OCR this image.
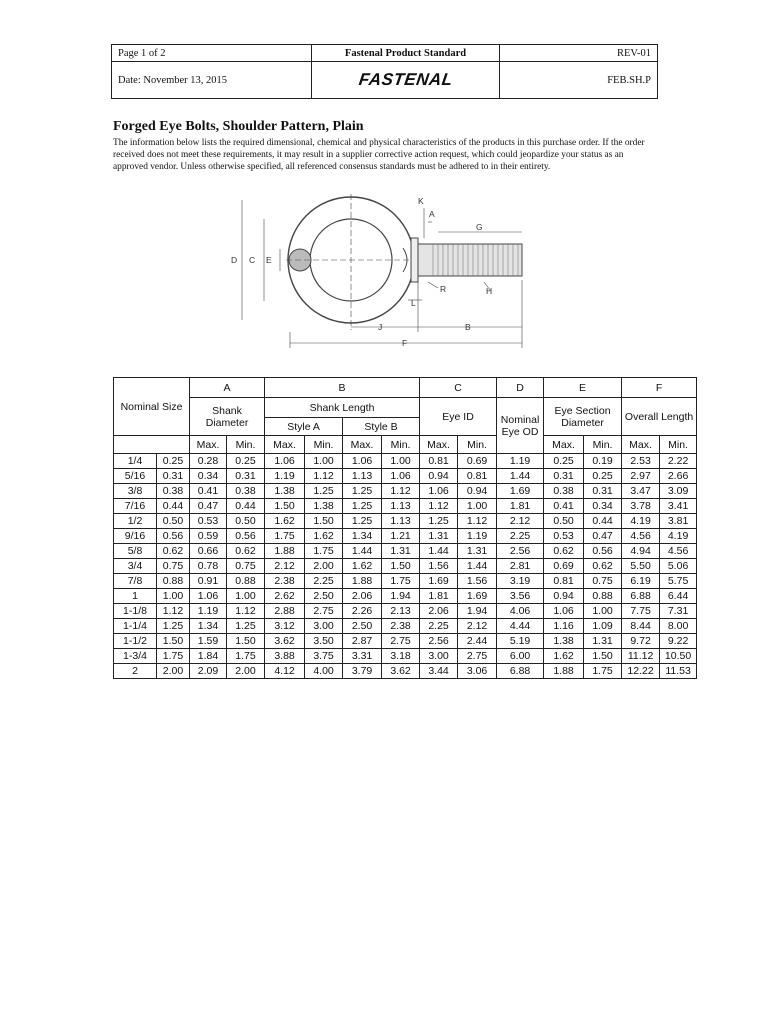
Page 1 of 2	Fastenal Product Standard	REV-01
Date: November 13, 2015	FASTENAL	FEB.SH.P
Forged Eye Bolts, Shoulder Pattern, Plain

The information below lists the required dimensional, chemical and physical characteristics of the products in this purchase order. If the order received does not meet these requirements, it may result in a supplier corrective action request, which could jeopardize your status as an approved vendor. Unless otherwise specified, all referenced consensus standards must be adhered to in their entirety.

K
A
G
D C E
R	H
L
J	B
F
Nominal Size		A		B				C		D	E		F	
		Shank Diameter		Shank Length				Eye ID		Nominal Eye OD	Eye Section Diameter		Overall Length	
				Style A		Style B								
		Max.	Min.	Max.	Min.	Max.	Min.	Max.	Min.		Max.	Min.	Max.	Min.
1/4	0.25	0.28	0.25	1.06	1.00	1.06	1.00	0.81	0.69	1.19	0.25	0.19	2.53	2.22
5/16	0.31	0.34	0.31	1.19	1.12	1.13	1.06	0.94	0.81	1.44	0.31	0.25	2.97	2.66
3/8	0.38	0.41	0.38	1.38	1.25	1.25	1.12	1.06	0.94	1.69	0.38	0.31	3.47	3.09
7/16	0.44	0.47	0.44	1.50	1.38	1.25	1.13	1.12	1.00	1.81	0.41	0.34	3.78	3.41
1/2	0.50	0.53	0.50	1.62	1.50	1.25	1.13	1.25	1.12	2.12	0.50	0.44	4.19	3.81
9/16	0.56	0.59	0.56	1.75	1.62	1.34	1.21	1.31	1.19	2.25	0.53	0.47	4.56	4.19
5/8	0.62	0.66	0.62	1.88	1.75	1.44	1.31	1.44	1.31	2.56	0.62	0.56	4.94	4.56
3/4	0.75	0.78	0.75	2.12	2.00	1.62	1.50	1.56	1.44	2.81	0.69	0.62	5.50	5.06
7/8	0.88	0.91	0.88	2.38	2.25	1.88	1.75	1.69	1.56	3.19	0.81	0.75	6.19	5.75
1	1.00	1.06	1.00	2.62	2.50	2.06	1.94	1.81	1.69	3.56	0.94	0.88	6.88	6.44
1-1/8	1.12	1.19	1.12	2.88	2.75	2.26	2.13	2.06	1.94	4.06	1.06	1.00	7.75	7.31
1-1/4	1.25	1.34	1.25	3.12	3.00	2.50	2.38	2.25	2.12	4.44	1.16	1.09	8.44	8.00
1-1/2	1.50	1.59	1.50	3.62	3.50	2.87	2.75	2.56	2.44	5.19	1.38	1.31	9.72	9.22
1-3/4	1.75	1.84	1.75	3.88	3.75	3.31	3.18	3.00	2.75	6.00	1.62	1.50	11.12	10.50
2	2.00	2.09	2.00	4.12	4.00	3.79	3.62	3.44	3.06	6.88	1.88	1.75	12.22	11.53
